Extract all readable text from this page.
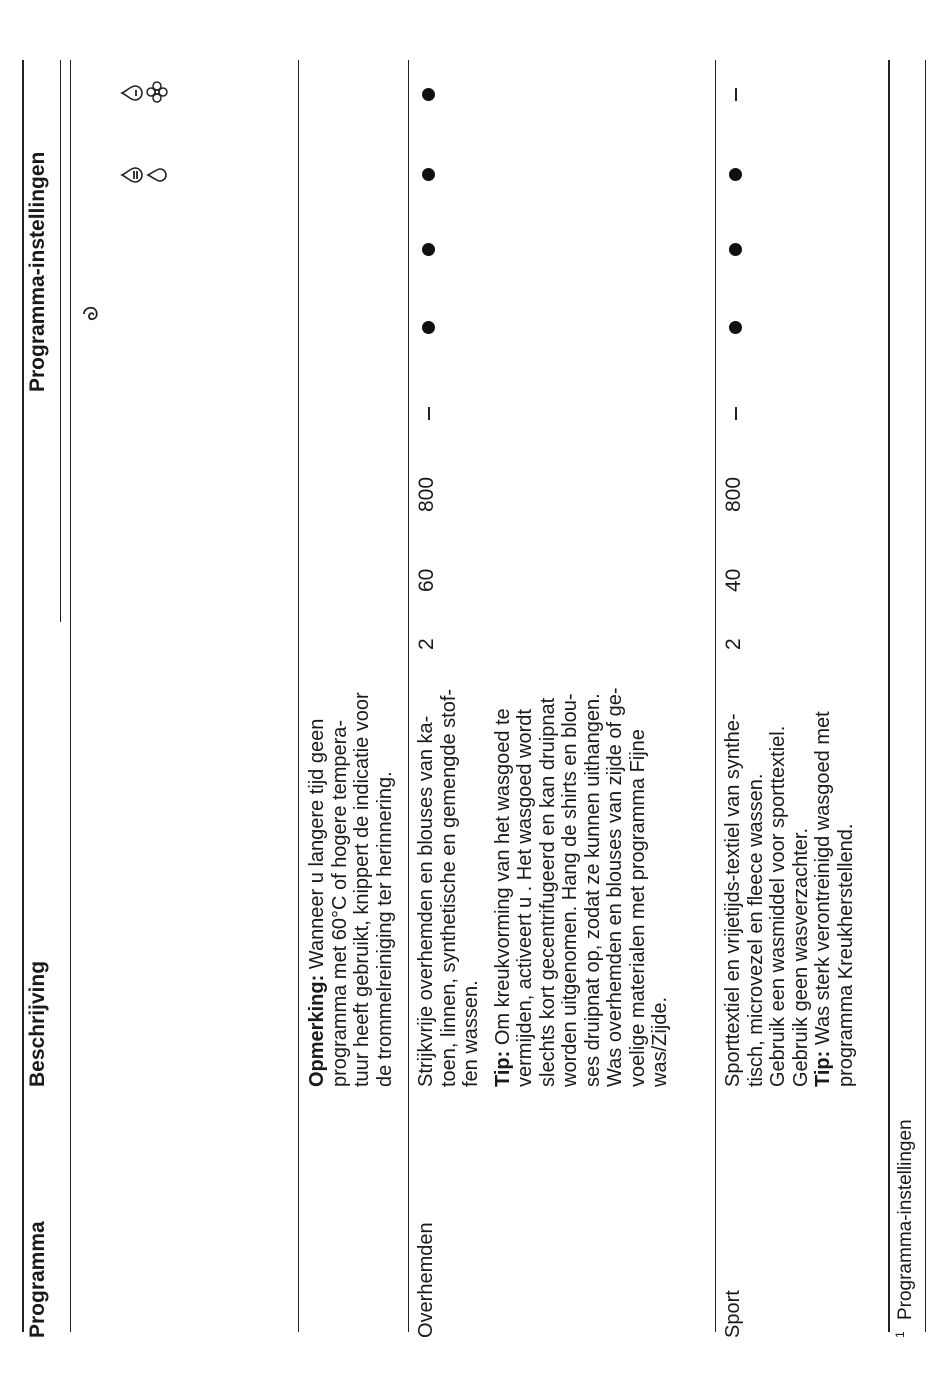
Programma
Beschrijving
Programma-instellingen
Opmerking: Wanneer u langere tijd geen programma met 60°C of hogere tempera- tuur heeft gebruikt, knippert de indicatie voor de trommelreiniging ter herinnering.
Overhemden
Strijkvrije overhemden en blouses van ka- toen, linnen, synthetische en gemengde stof- fen wassen. Tip: Om kreukvorming van het wasgoed te vermijden, activeert u . Het wasgoed wordt slechts kort gecentrifugeerd en kan druipnat worden uitgenomen. Hang de shirts en blou- ses druipnat op, zodat ze kunnen uithangen. Was overhemden en blouses van zijde of ge- voelige materialen met programma Fijne was/Zijde.
2
60
800
Sport
Sporttextiel en vrijetijds-textiel van synthe- tisch, microvezel en fleece wassen. Gebruik een wasmiddel voor sporttextiel. Gebruik geen wasverzachter. Tip: Was sterk verontreinigd wasgoed met programma Kreukherstellend.
2
40
800
$^1$ Programma-instellingen
